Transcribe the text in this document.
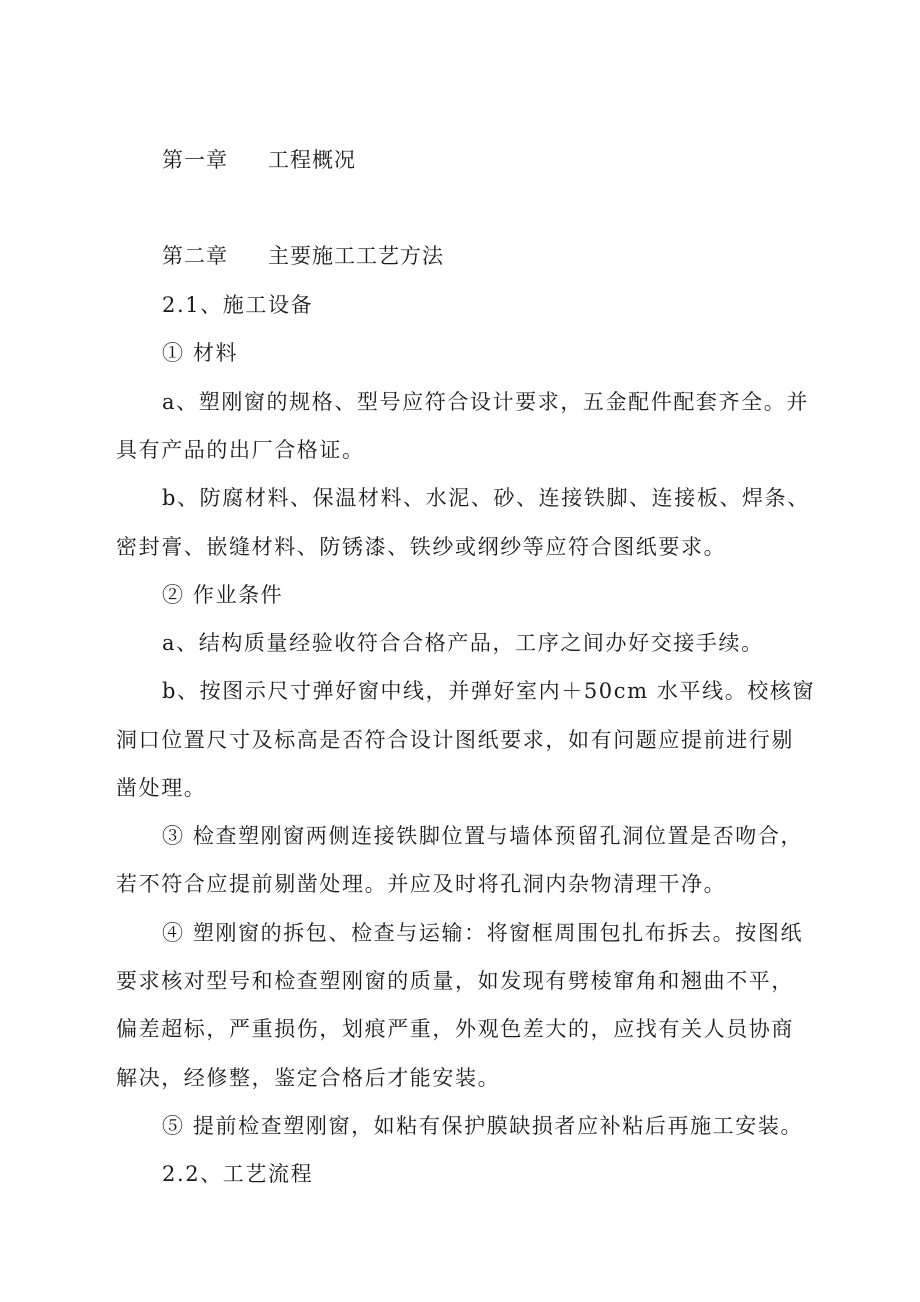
第一章 工程概况
第二章 主要施工工艺方法
2.1、施工设备
① 材料
a、塑刚窗的规格、型号应符合设计要求，五金配件配套齐全。并
具有产品的出厂合格证。
b、防腐材料、保温材料、水泥、砂、连接铁脚、连接板、焊条、
密封膏、嵌缝材料、防锈漆、铁纱或纲纱等应符合图纸要求。
② 作业条件
a、结构质量经验收符合合格产品，工序之间办好交接手续。
b、按图示尺寸弹好窗中线，并弹好室内＋50cm 水平线。校核窗
洞口位置尺寸及标高是否符合设计图纸要求，如有问题应提前进行剔
凿处理。
③ 检查塑刚窗两侧连接铁脚位置与墙体预留孔洞位置是否吻合，
若不符合应提前剔凿处理。并应及时将孔洞内杂物清理干净。
④ 塑刚窗的拆包、检查与运输：将窗框周围包扎布拆去。按图纸
要求核对型号和检查塑刚窗的质量，如发现有劈棱窜角和翘曲不平，
偏差超标，严重损伤，划痕严重，外观色差大的，应找有关人员协商
解决，经修整，鉴定合格后才能安装。
⑤ 提前检查塑刚窗，如粘有保护膜缺损者应补粘后再施工安装。
2.2、工艺流程
